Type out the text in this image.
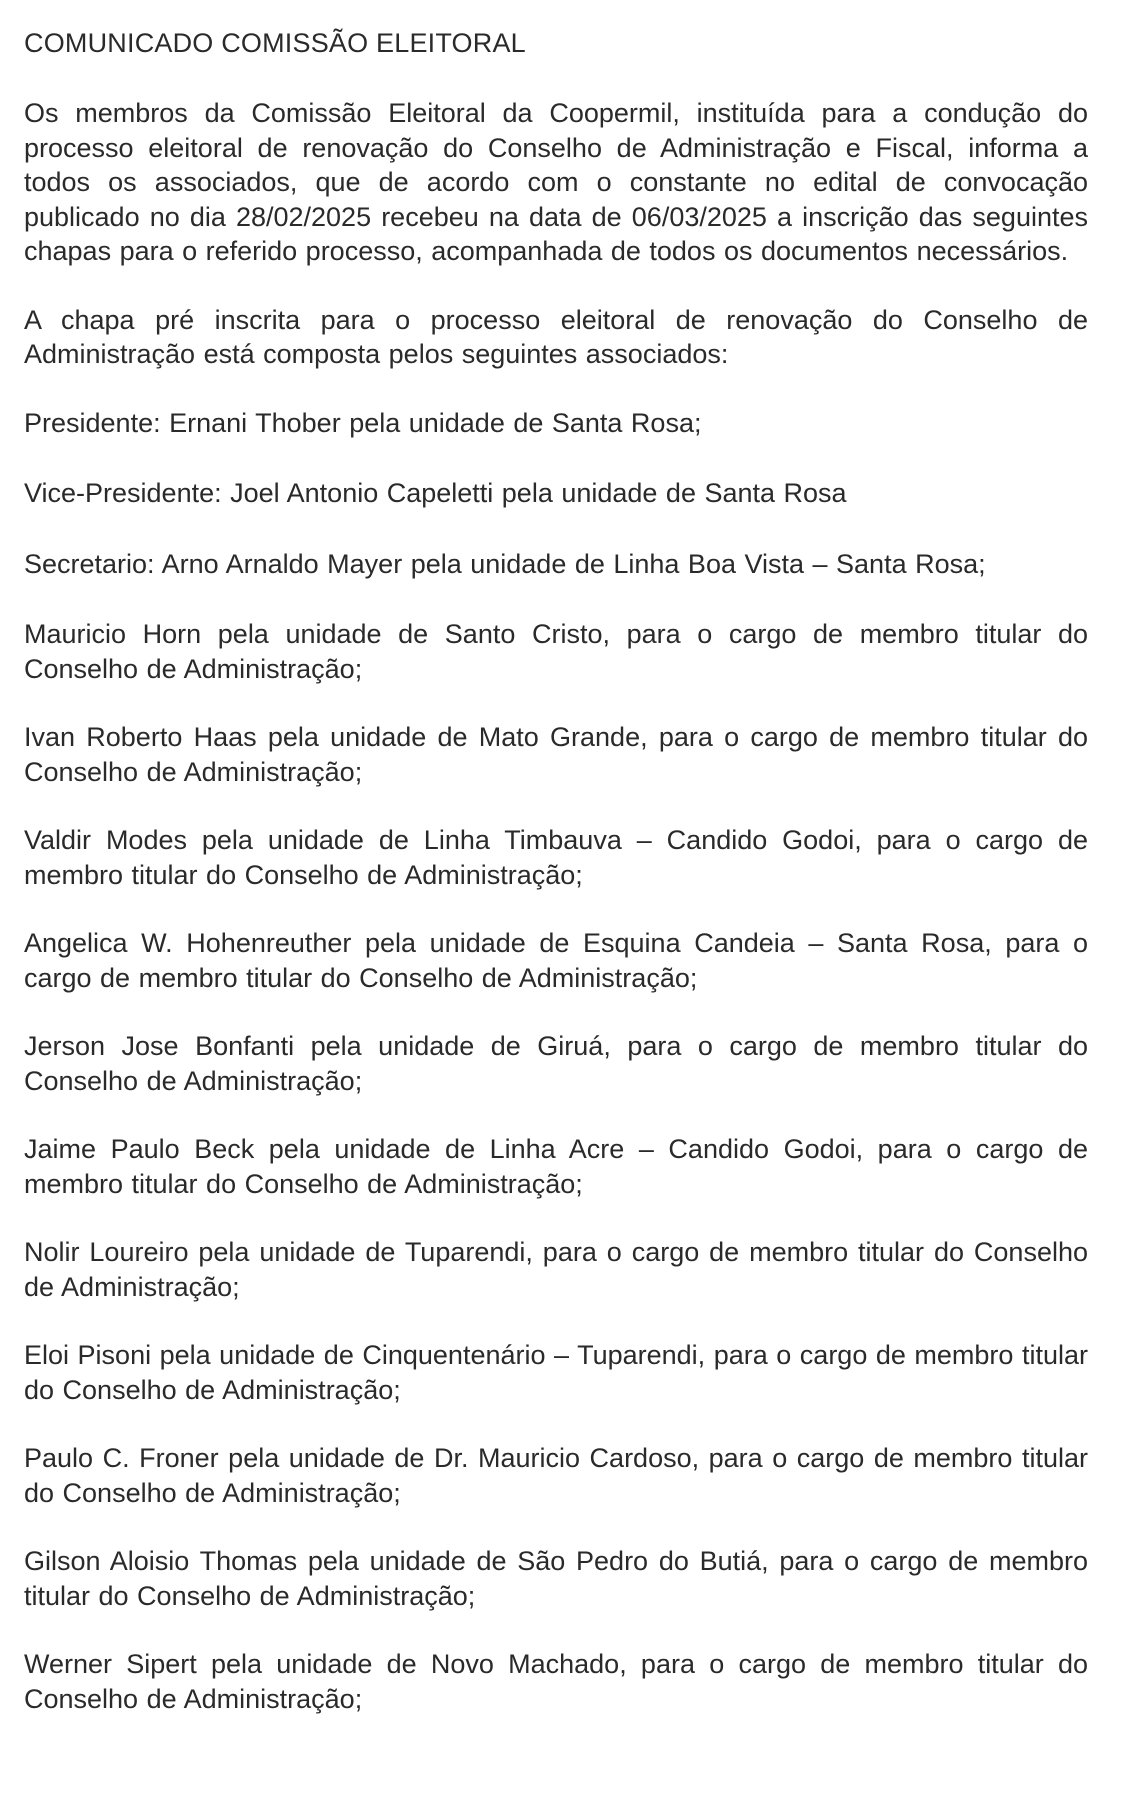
COMUNICADO COMISSÃO ELEITORAL

Os membros da Comissão Eleitoral da Coopermil, instituída para a condução do processo eleitoral de renovação do Conselho de Administração e Fiscal, informa a todos os associados, que de acordo com o constante no edital de convocação publicado no dia 28/02/2025 recebeu na data de 06/03/2025 a inscrição das seguintes chapas para o referido processo, acompanhada de todos os documentos necessários.

A chapa pré inscrita para o processo eleitoral de renovação do Conselho de Administração está composta pelos seguintes associados:

Presidente: Ernani Thober pela unidade de Santa Rosa;

Vice-Presidente: Joel Antonio Capeletti pela unidade de Santa Rosa

Secretario: Arno Arnaldo Mayer pela unidade de Linha Boa Vista – Santa Rosa;

Mauricio Horn pela unidade de Santo Cristo, para o cargo de membro titular do Conselho de Administração;

Ivan Roberto Haas pela unidade de Mato Grande, para o cargo de membro titular do Conselho de Administração;

Valdir Modes pela unidade de Linha Timbauva – Candido Godoi, para o cargo de membro titular do Conselho de Administração;

Angelica W. Hohenreuther pela unidade de Esquina Candeia – Santa Rosa, para o cargo de membro titular do Conselho de Administração;

Jerson Jose Bonfanti pela unidade de Giruá, para o cargo de membro titular do Conselho de Administração;

Jaime Paulo Beck pela unidade de Linha Acre – Candido Godoi, para o cargo de membro titular do Conselho de Administração;

Nolir Loureiro pela unidade de Tuparendi, para o cargo de membro titular do Conselho de Administração;

Eloi Pisoni pela unidade de Cinquentenário – Tuparendi, para o cargo de membro titular do Conselho de Administração;

Paulo C. Froner pela unidade de Dr. Mauricio Cardoso, para o cargo de membro titular do Conselho de Administração;

Gilson Aloisio Thomas pela unidade de São Pedro do Butiá, para o cargo de membro titular do Conselho de Administração;

Werner Sipert pela unidade de Novo Machado, para o cargo de membro titular do Conselho de Administração;
